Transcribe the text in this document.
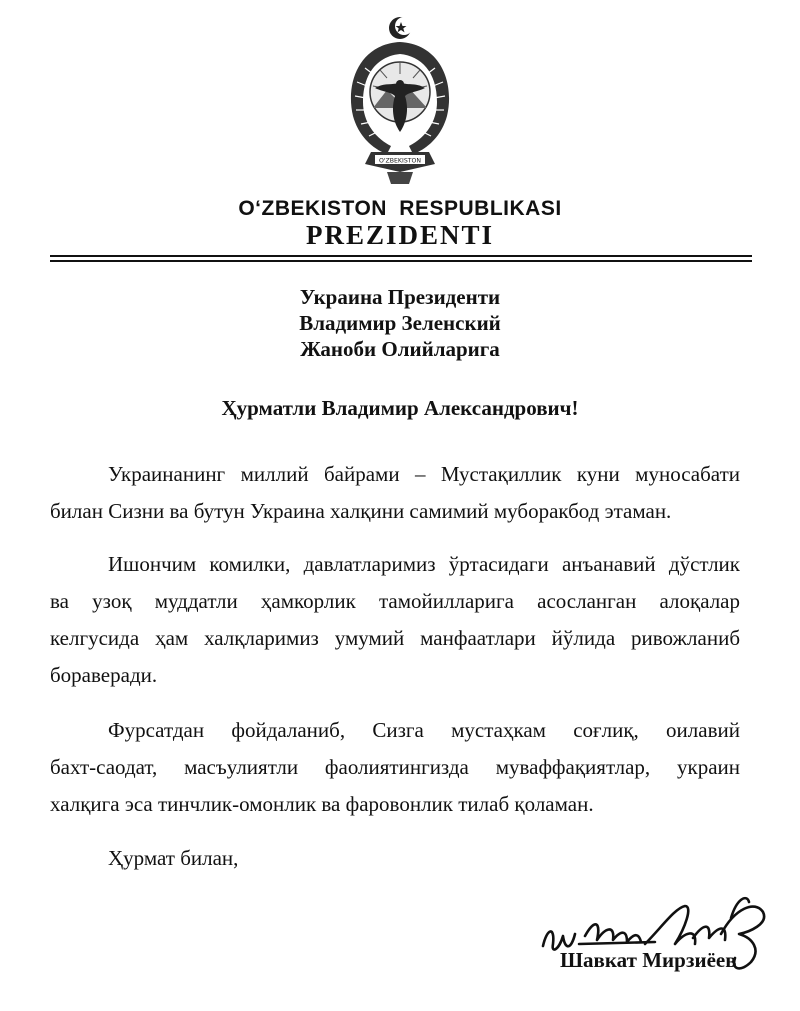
O'ZBEKISTON
O‘ZBEKISTON RESPUBLIKASI
PREZIDENTI
Украина Президенти
Владимир Зеленский
Жаноби Олийларига
Ҳурматли Владимир Александрович!
Украинанинг миллий байрами – Мустақиллик куни муносабати
билан Сизни ва бутун Украина халқини самимий муборакбод этаман.
Ишончим комилки, давлатларимиз ўртасидаги анъанавий дўстлик
ва узоқ муддатли ҳамкорлик тамойилларига асосланган алоқалар
келгусида ҳам халқларимиз умумий манфаатлари йўлида ривожланиб
бораверади.
Фурсатдан фойдаланиб, Сизга мустаҳкам соғлиқ, оилавий
бахт-саодат, масъулиятли фаолиятингизда муваффақиятлар, украин
халқига эса тинчлик-омонлик ва фаровонлик тилаб қоламан.
Ҳурмат билан,
Шавкат Мирзиёев
